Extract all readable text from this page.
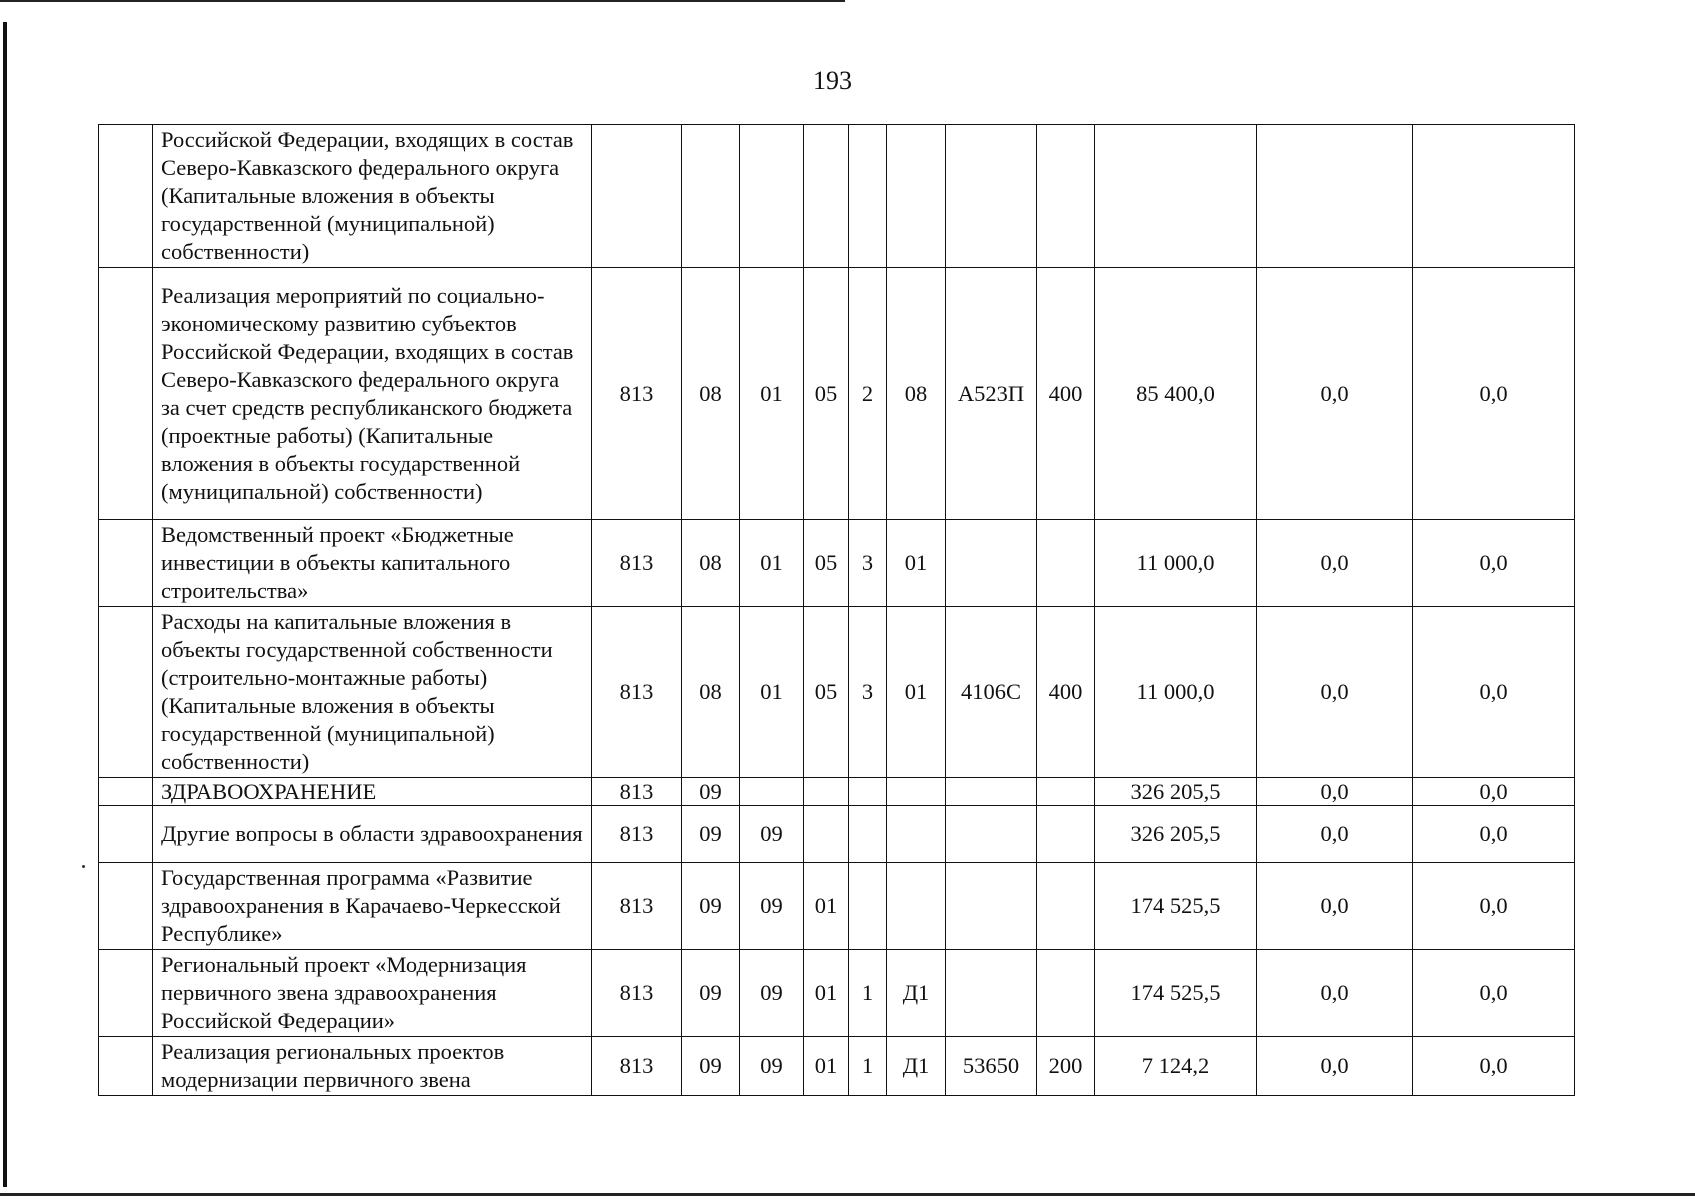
193
	Российской Федерации, входящих в состав Северо-Кавказского федерального округа (Капитальные вложения в объекты государственной (муниципальной) собственности)											
	Реализация мероприятий по социально-экономическому развитию субъектов Российской Федерации, входящих в состав Северо-Кавказского федерального округа за счет средств республиканского бюджета (проектные работы) (Капитальные вложения в объекты государственной (муниципальной) собственности)	813	08	01	05	2	08	А523П	400	85 400,0	0,0	0,0
	Ведомственный проект «Бюджетные инвестиции в объекты капитального строительства»	813	08	01	05	3	01			11 000,0	0,0	0,0
	Расходы на капитальные вложения в объекты государственной собственности (строительно-монтажные работы) (Капитальные вложения в объекты государственной (муниципальной) собственности)	813	08	01	05	3	01	4106С	400	11 000,0	0,0	0,0
	ЗДРАВООХРАНЕНИЕ	813	09							326 205,5	0,0	0,0
	Другие вопросы в области здравоохранения	813	09	09						326 205,5	0,0	0,0
	Государственная программа «Развитие здравоохранения в Карачаево-Черкесской Республике»	813	09	09	01					174 525,5	0,0	0,0
	Региональный проект «Модернизация первичного звена здравоохранения Российской Федерации»	813	09	09	01	1	Д1			174 525,5	0,0	0,0
	Реализация региональных проектов модернизации первичного звена	813	09	09	01	1	Д1	53650	200	7 124,2	0,0	0,0
